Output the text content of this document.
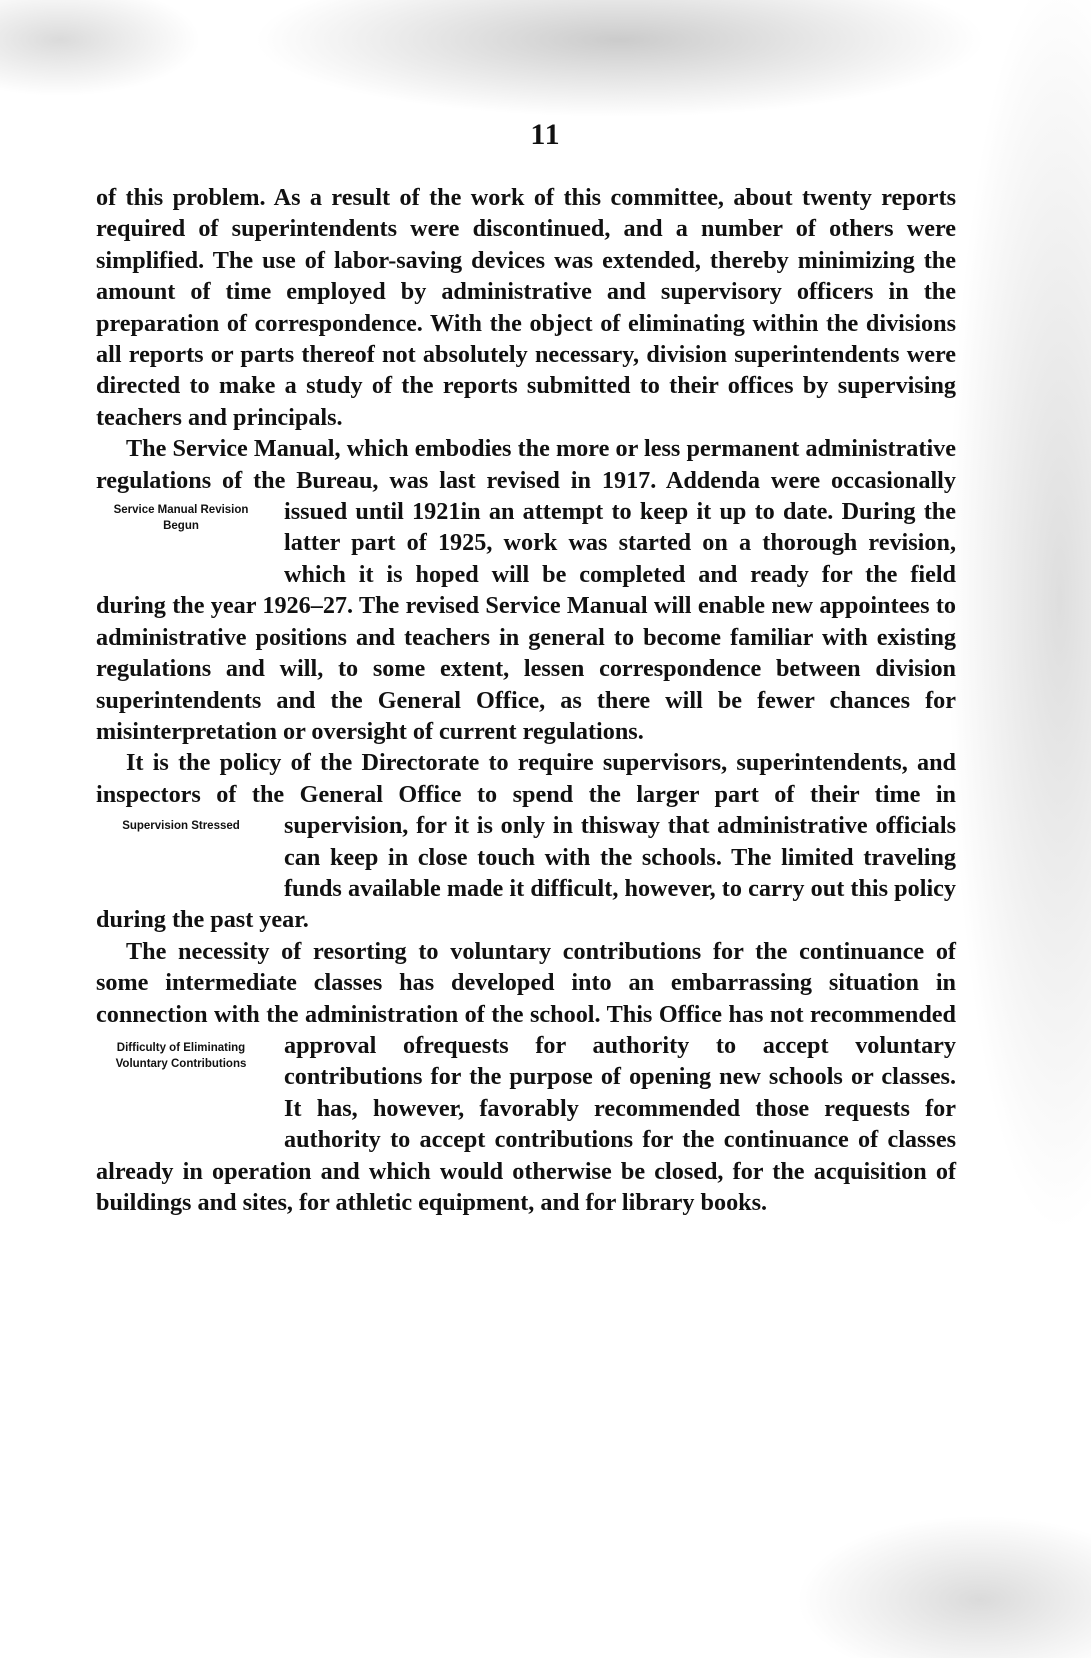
11

of this problem. As a result of the work of this committee, about twenty reports required of superintendents were discontinued, and a number of others were simplified. The use of labor-saving devices was extended, thereby minimizing the amount of time employed by administrative and supervisory officers in the preparation of correspondence. With the object of eliminating within the divisions all reports or parts thereof not absolutely necessary, division superintendents were directed to make a study of the reports submitted to their offices by supervising teachers and principals.

The Service Manual, which embodies the more or less permanent administrative regulations of the Bureau, was last revised in 1917. Addenda were occasionally issued until 1921
Service Manual Revision Begun
in an attempt to keep it up to date. During the latter part of 1925, work was started on a thorough revision, which it is hoped will be completed and ready for the field during the year 1926–27. The revised Service Manual will enable new appointees to administrative positions and teachers in general to become familiar with existing regulations and will, to some extent, lessen correspondence between division superintendents and the General Office, as there will be fewer chances for misinterpretation or oversight of current regulations.

It is the policy of the Directorate to require supervisors, superintendents, and inspectors of the General Office to spend the larger part of their time in supervision, for it is only in this
Supervision Stressed	way that administrative officials can keep in close touch with the schools. The limited traveling funds available made it difficult, however, to carry out this policy during the past year.

The necessity of resorting to voluntary contributions for the continuance of some intermediate classes has developed into an embarrassing situation in connection with the administration of the school. This Office has not recommended approval of
Difficulty of Eliminating Voluntary Contributions
requests for authority to accept voluntary contributions for the purpose of opening new schools or classes. It has, however, favorably recommended those requests for authority to accept contributions for the continuance of classes already in operation and which would otherwise be closed, for the acquisition of buildings and sites, for athletic equipment, and for library books.
